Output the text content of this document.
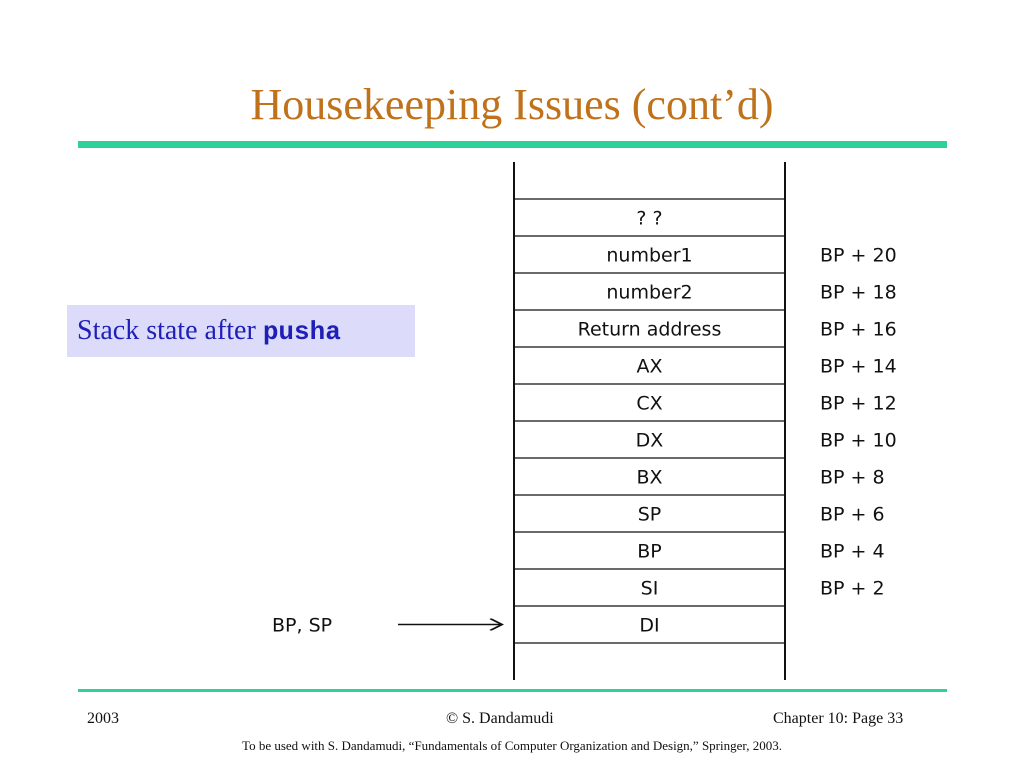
Housekeeping Issues (cont’d)
Stack state after pusha
? ?
number1	BP + 20
number2	BP + 18
Return address	BP + 16
AX	BP + 14
CX	BP + 12
DX	BP + 10
BX	BP + 8
SP	BP + 6
BP	BP + 4
SI	BP + 2
DI
BP, SP
2003	© S. Dandamudi	Chapter 10: Page 33
To be used with S. Dandamudi, “Fundamentals of Computer Organization and Design,” Springer, 2003.
